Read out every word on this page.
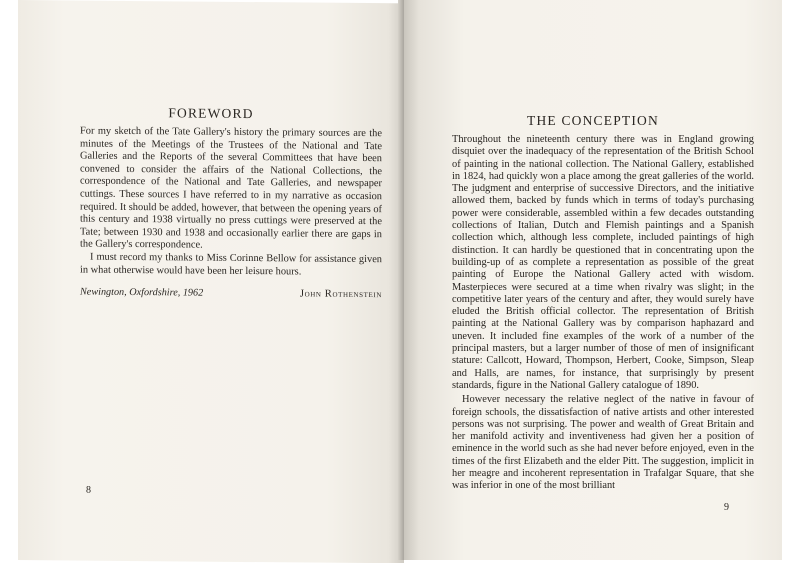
FOREWORD

For my sketch of the Tate Gallery's history the primary sources are the minutes of the Meetings of the Trustees of the National and Tate Galleries and the Reports of the several Committees that have been convened to consider the affairs of the National Collections, the correspondence of the National and Tate Galleries, and newspaper cuttings. These sources I have referred to in my narrative as occasion required. It should be added, however, that between the opening years of this century and 1938 virtually no press cuttings were preserved at the Tate; between 1930 and 1938 and occasionally earlier there are gaps in the Gallery's correspondence.

I must record my thanks to Miss Corinne Bellow for assistance given in what otherwise would have been her leisure hours.

Newington, Oxfordshire, 1962	John Rothenstein
8
THE CONCEPTION

Throughout the nineteenth century there was in England growing disquiet over the inadequacy of the representation of the British School of painting in the national collection. The National Gallery, established in 1824, had quickly won a place among the great galleries of the world. The judgment and enterprise of successive Directors, and the initiative allowed them, backed by funds which in terms of today's purchasing power were considerable, assembled within a few decades outstanding collections of Italian, Dutch and Flemish paintings and a Spanish collection which, although less complete, included paintings of high distinction. It can hardly be questioned that in concentrating upon the building-up of as complete a representation as possible of the great painting of Europe the National Gallery acted with wisdom. Masterpieces were secured at a time when rivalry was slight; in the competitive later years of the century and after, they would surely have eluded the British official collector. The representation of British painting at the National Gallery was by comparison haphazard and uneven. It included fine examples of the work of a number of the principal masters, but a larger number of those of men of insignificant stature: Callcott, Howard, Thompson, Herbert, Cooke, Simpson, Sleap and Halls, are names, for instance, that surprisingly by present standards, figure in the National Gallery catalogue of 1890.

However necessary the relative neglect of the native in favour of foreign schools, the dissatisfaction of native artists and other interested persons was not surprising. The power and wealth of Great Britain and her manifold activity and inventiveness had given her a position of eminence in the world such as she had never before enjoyed, even in the times of the first Elizabeth and the elder Pitt. The suggestion, implicit in her meagre and incoherent representation in Trafalgar Square, that she was inferior in one of the most brilliant

9
